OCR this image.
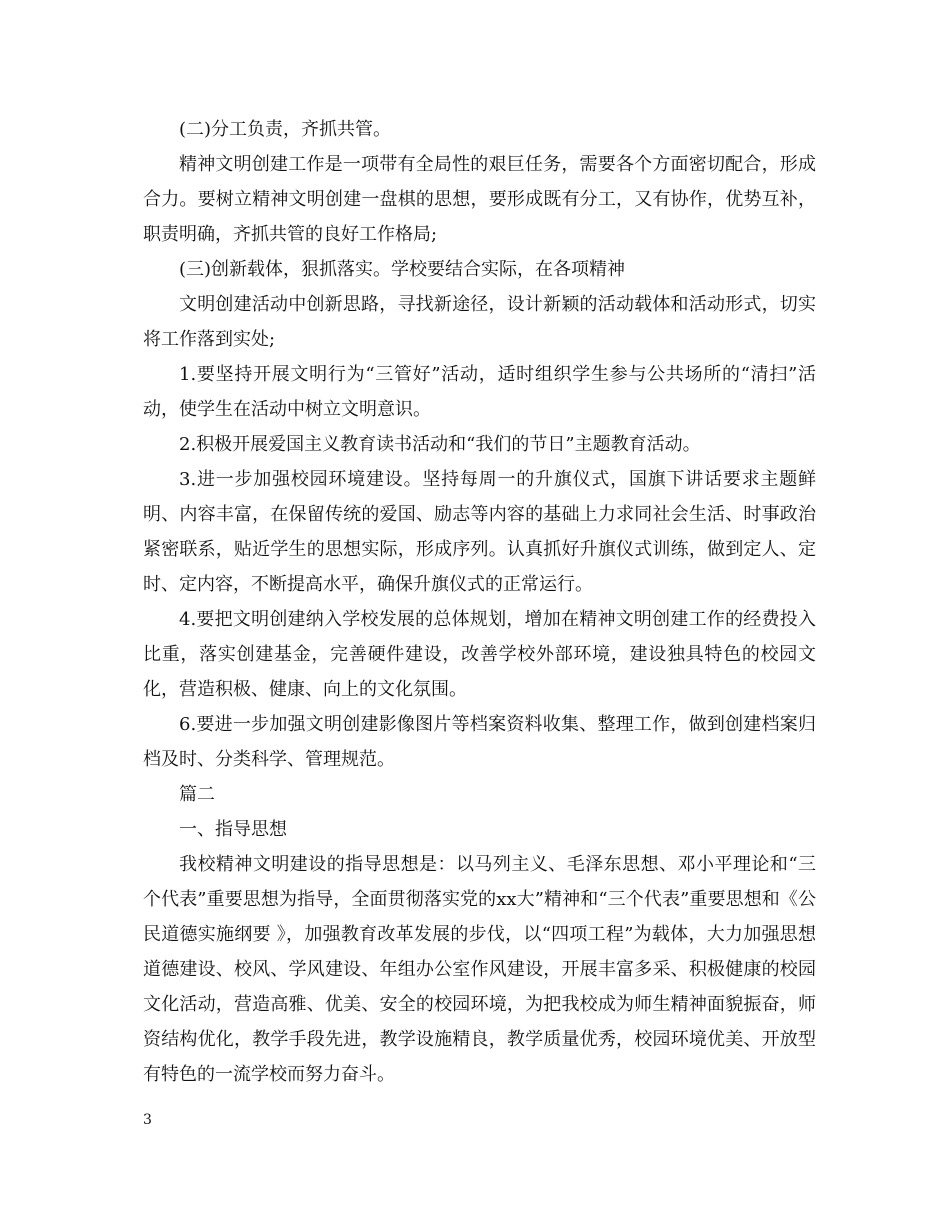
(二)分工负责，齐抓共管。

精神文明创建工作是一项带有全局性的艰巨任务，需要各个方面密切配合，形成合力。要树立精神文明创建一盘棋的思想，要形成既有分工，又有协作，优势互补，职责明确，齐抓共管的良好工作格局;

(三)创新载体，狠抓落实。学校要结合实际，在各项精神

文明创建活动中创新思路，寻找新途径，设计新颖的活动载体和活动形式，切实将工作落到实处;

1.要坚持开展文明行为“三管好”活动，适时组织学生参与公共场所的“清扫”活动，使学生在活动中树立文明意识。

2.积极开展爱国主义教育读书活动和“我们的节日”主题教育活动。

3.进一步加强校园环境建设。坚持每周一的升旗仪式，国旗下讲话要求主题鲜明、内容丰富，在保留传统的爱国、励志等内容的基础上力求同社会生活、时事政治紧密联系，贴近学生的思想实际，形成序列。认真抓好升旗仪式训练，做到定人、定时、定内容，不断提高水平，确保升旗仪式的正常运行。

4.要把文明创建纳入学校发展的总体规划，增加在精神文明创建工作的经费投入比重，落实创建基金，完善硬件建设，改善学校外部环境，建设独具特色的校园文化，营造积极、健康、向上的文化氛围。

6.要进一步加强文明创建影像图片等档案资料收集、整理工作，做到创建档案归档及时、分类科学、管理规范。

篇二

一、指导思想

我校精神文明建设的指导思想是：以马列主义、毛泽东思想、邓小平理论和“三个代表”重要思想为指导，全面贯彻落实党的xx大”精神和“三个代表”重要思想和《公民道德实施纲要 》，加强教育改革发展的步伐，以“四项工程”为载体，大力加强思想道德建设、校风、学风建设、年组办公室作风建设，开展丰富多采、积极健康的校园文化活动，营造高雅、优美、安全的校园环境，为把我校成为师生精神面貌振奋，师资结构优化，教学手段先进，教学设施精良，教学质量优秀，校园环境优美、开放型有特色的一流学校而努力奋斗。

3
